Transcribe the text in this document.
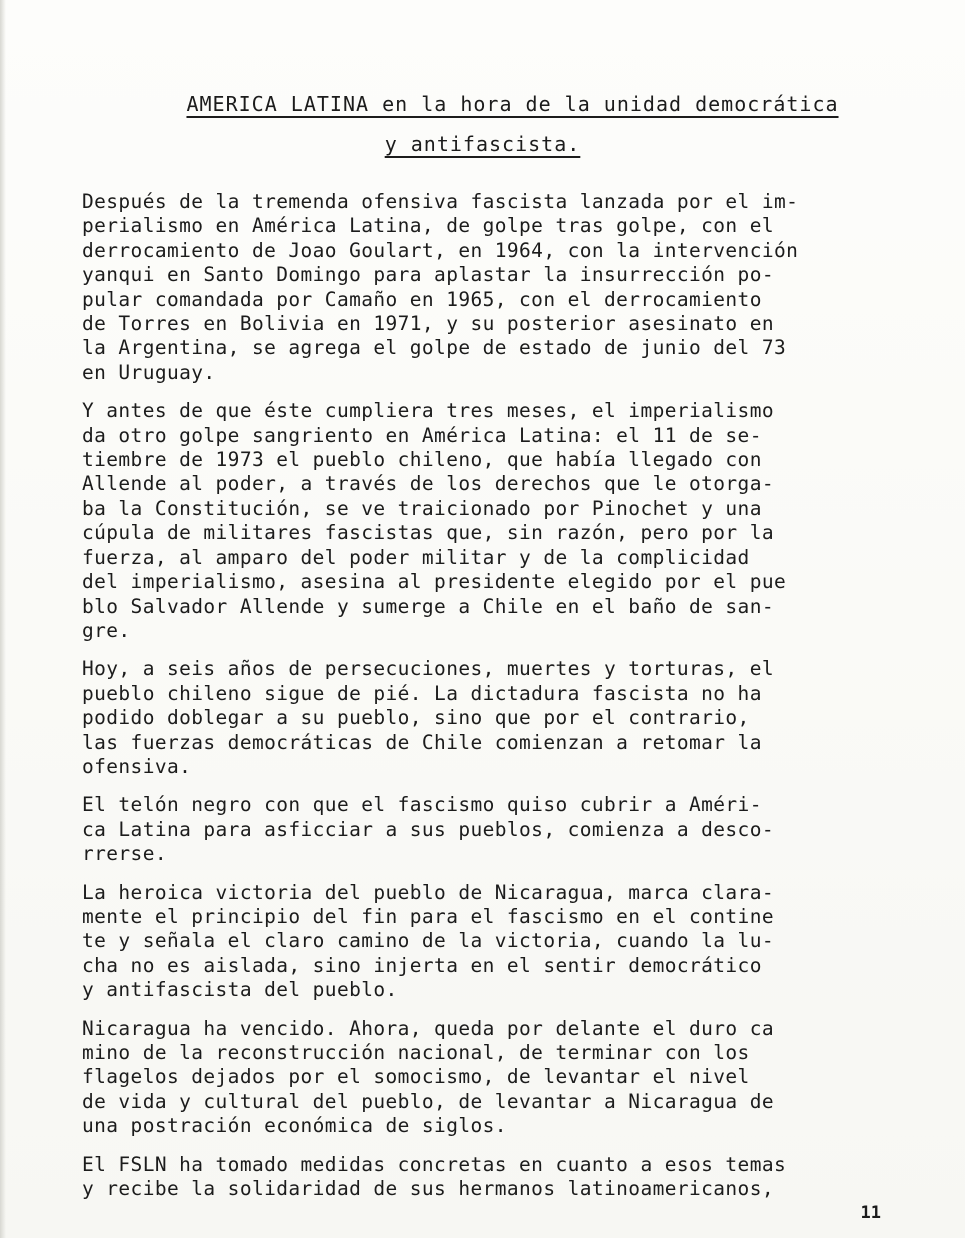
AMERICA LATINA en la hora de la unidad democrática
y antifascista.

Después de la tremenda ofensiva fascista lanzada por el im-
perialismo en América Latina, de golpe tras golpe, con el
derrocamiento de Joao Goulart, en 1964, con la intervención
yanqui en Santo Domingo para aplastar la insurrección po-
pular comandada por Camaño en 1965, con el derrocamiento
de Torres en Bolivia en 1971, y su posterior asesinato en
la Argentina, se agrega el golpe de estado de junio del 73
en Uruguay.

Y antes de que éste cumpliera tres meses, el imperialismo
da otro golpe sangriento en América Latina: el 11 de se-
tiembre de 1973 el pueblo chileno, que había llegado con
Allende al poder, a través de los derechos que le otorga-
ba la Constitución, se ve traicionado por Pinochet y una
cúpula de militares fascistas que, sin razón, pero por la
fuerza, al amparo del poder militar y de la complicidad
del imperialismo, asesina al presidente elegido por el pue
blo Salvador Allende y sumerge a Chile en el baño de san-
gre.

Hoy, a seis años de persecuciones, muertes y torturas, el
pueblo chileno sigue de pié. La dictadura fascista no ha
podido doblegar a su pueblo, sino que por el contrario,
las fuerzas democráticas de Chile comienzan a retomar la
ofensiva.

El telón negro con que el fascismo quiso cubrir a Améri-
ca Latina para asficciar a sus pueblos, comienza a desco-
rrerse.

La heroica victoria del pueblo de Nicaragua, marca clara-
mente el principio del fin para el fascismo en el contine
te y señala el claro camino de la victoria, cuando la lu-
cha no es aislada, sino injerta en el sentir democrático
y antifascista del pueblo.

Nicaragua ha vencido. Ahora, queda por delante el duro ca
mino de la reconstrucción nacional, de terminar con los
flagelos dejados por el somocismo, de levantar el nivel
de vida y cultural del pueblo, de levantar a Nicaragua de
una postración económica de siglos.

El FSLN ha tomado medidas concretas en cuanto a esos temas
y recibe la solidaridad de sus hermanos latinoamericanos,

11
